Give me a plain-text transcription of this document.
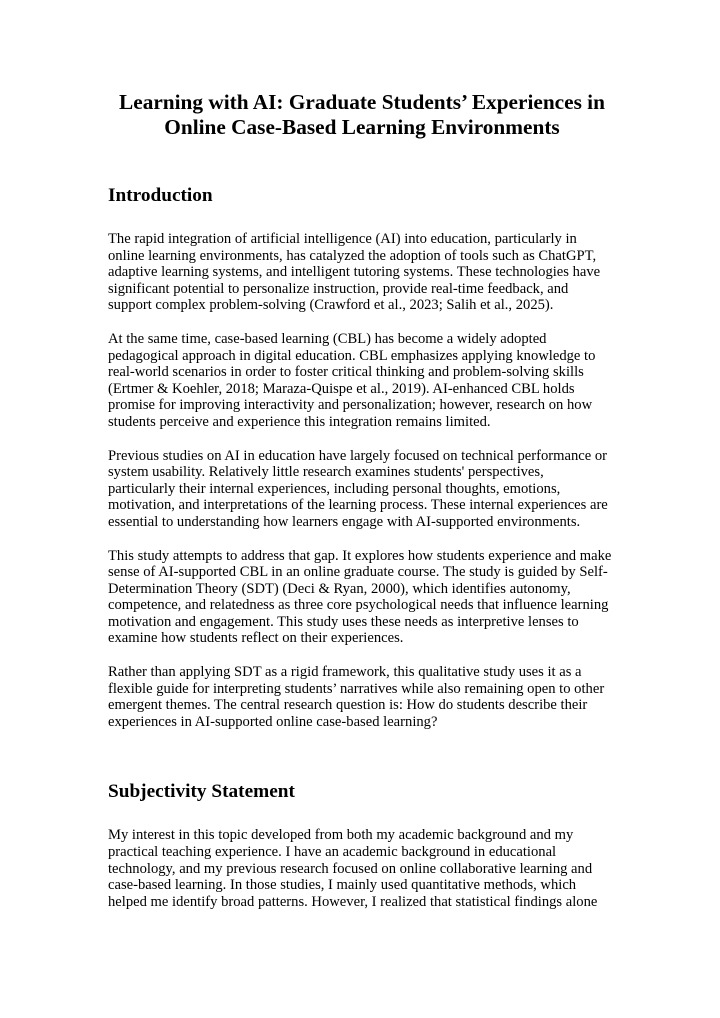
Learning with AI: Graduate Students’ Experiences in
Online Case-Based Learning Environments
Introduction

The rapid integration of artificial intelligence (AI) into education, particularly in
online learning environments, has catalyzed the adoption of tools such as ChatGPT,
adaptive learning systems, and intelligent tutoring systems. These technologies have
significant potential to personalize instruction, provide real-time feedback, and
support complex problem-solving (Crawford et al., 2023; Salih et al., 2025).

At the same time, case-based learning (CBL) has become a widely adopted
pedagogical approach in digital education. CBL emphasizes applying knowledge to
real-world scenarios in order to foster critical thinking and problem-solving skills
(Ertmer & Koehler, 2018; Maraza-Quispe et al., 2019). AI-enhanced CBL holds
promise for improving interactivity and personalization; however, research on how
students perceive and experience this integration remains limited.

Previous studies on AI in education have largely focused on technical performance or
system usability. Relatively little research examines students' perspectives,
particularly their internal experiences, including personal thoughts, emotions,
motivation, and interpretations of the learning process. These internal experiences are
essential to understanding how learners engage with AI-supported environments.

This study attempts to address that gap. It explores how students experience and make
sense of AI-supported CBL in an online graduate course. The study is guided by Self-
Determination Theory (SDT) (Deci & Ryan, 2000), which identifies autonomy,
competence, and relatedness as three core psychological needs that influence learning
motivation and engagement. This study uses these needs as interpretive lenses to
examine how students reflect on their experiences.

Rather than applying SDT as a rigid framework, this qualitative study uses it as a
flexible guide for interpreting students’ narratives while also remaining open to other
emergent themes. The central research question is: How do students describe their
experiences in AI-supported online case-based learning?

Subjectivity Statement

My interest in this topic developed from both my academic background and my
practical teaching experience. I have an academic background in educational
technology, and my previous research focused on online collaborative learning and
case-based learning. In those studies, I mainly used quantitative methods, which
helped me identify broad patterns. However, I realized that statistical findings alone
